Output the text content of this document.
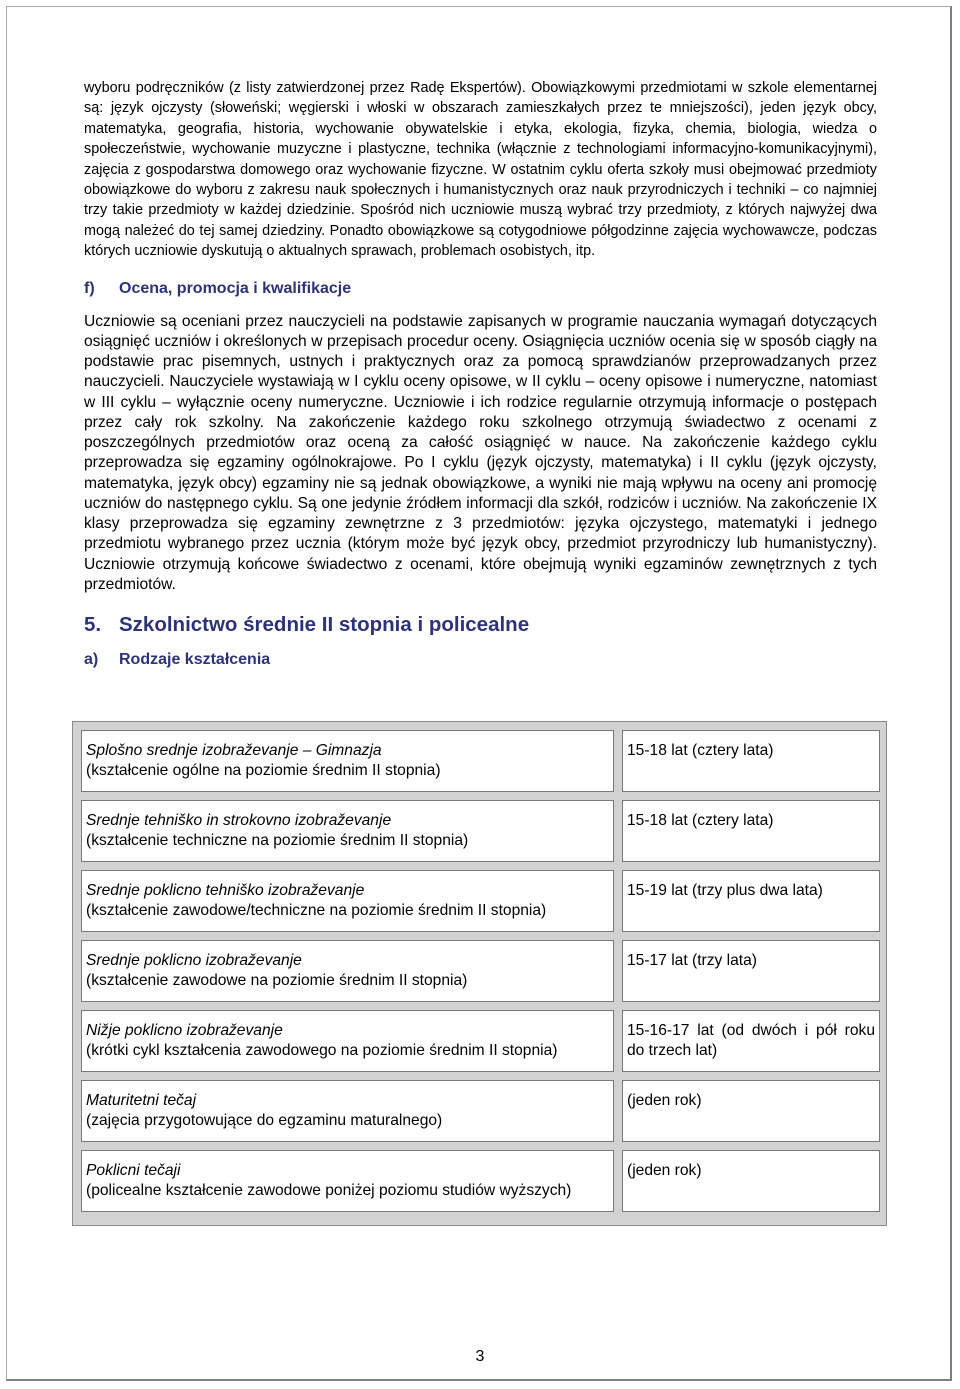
wyboru podręczników (z listy zatwierdzonej przez Radę Ekspertów). Obowiązkowymi przedmiotami w szkole elementarnej są: język ojczysty (słoweński; węgierski i włoski w obszarach zamieszkałych przez te mniejszości), jeden język obcy, matematyka, geografia, historia, wychowanie obywatelskie i etyka, ekologia, fizyka, chemia, biologia, wiedza o społeczeństwie, wychowanie muzyczne i plastyczne, technika (włącznie z technologiami informacyjno-komunikacyjnymi), zajęcia z gospodarstwa domowego oraz wychowanie fizyczne. W ostatnim cyklu oferta szkoły musi obejmować przedmioty obowiązkowe do wyboru z zakresu nauk społecznych i humanistycznych oraz nauk przyrodniczych i techniki – co najmniej trzy takie przedmioty w każdej dziedzinie. Spośród nich uczniowie muszą wybrać trzy przedmioty, z których najwyżej dwa mogą należeć do tej samej dziedziny. Ponadto obowiązkowe są cotygodniowe półgodzinne zajęcia wychowawcze, podczas których uczniowie dyskutują o aktualnych sprawach, problemach osobistych, itp.

f) Ocena, promocja i kwalifikacje

Uczniowie są oceniani przez nauczycieli na podstawie zapisanych w programie nauczania wymagań dotyczących osiągnięć uczniów i określonych w przepisach procedur oceny. Osiągnięcia uczniów ocenia się w sposób ciągły na podstawie prac pisemnych, ustnych i praktycznych oraz za pomocą sprawdzianów przeprowadzanych przez nauczycieli. Nauczyciele wystawiają w I cyklu oceny opisowe, w II cyklu – oceny opisowe i numeryczne, natomiast w III cyklu – wyłącznie oceny numeryczne. Uczniowie i ich rodzice regularnie otrzymują informacje o postępach przez cały rok szkolny. Na zakończenie każdego roku szkolnego otrzymują świadectwo z ocenami z poszczególnych przedmiotów oraz oceną za całość osiągnięć w nauce. Na zakończenie każdego cyklu przeprowadza się egzaminy ogólnokrajowe. Po I cyklu (język ojczysty, matematyka) i II cyklu (język ojczysty, matematyka, język obcy) egzaminy nie są jednak obowiązkowe, a wyniki nie mają wpływu na oceny ani promocję uczniów do następnego cyklu. Są one jedynie źródłem informacji dla szkół, rodziców i uczniów. Na zakończenie IX klasy przeprowadza się egzaminy zewnętrzne z 3 przedmiotów: języka ojczystego, matematyki i jednego przedmiotu wybranego przez ucznia (którym może być język obcy, przedmiot przyrodniczy lub humanistyczny). Uczniowie otrzymują końcowe świadectwo z ocenami, które obejmują wyniki egzaminów zewnętrznych z tych przedmiotów.

5. Szkolnictwo średnie II stopnia i policealne
a) Rodzaje kształcenia
Splošno srednje izobraževanje – Gimnazja
(kształcenie ogólne na poziomie średnim II stopnia)
15-18 lat (cztery lata)
Srednje tehniško in strokovno izobraževanje
(kształcenie techniczne na poziomie średnim II stopnia)
15-18 lat (cztery lata)
Srednje poklicno tehniško izobraževanje
(kształcenie zawodowe/techniczne na poziomie średnim II stopnia)
15-19 lat (trzy plus dwa lata)
Srednje poklicno izobraževanje
(kształcenie zawodowe na poziomie średnim II stopnia)
15-17 lat (trzy lata)
Nižje poklicno izobraževanje
(krótki cykl kształcenia zawodowego na poziomie średnim II stopnia)
15-16-17 lat (od dwóch i pół roku do trzech lat)
Maturitetni tečaj
(zajęcia przygotowujące do egzaminu maturalnego)
(jeden rok)
Poklicni tečaji
(policealne kształcenie zawodowe poniżej poziomu studiów wyższych)
(jeden rok)
3
